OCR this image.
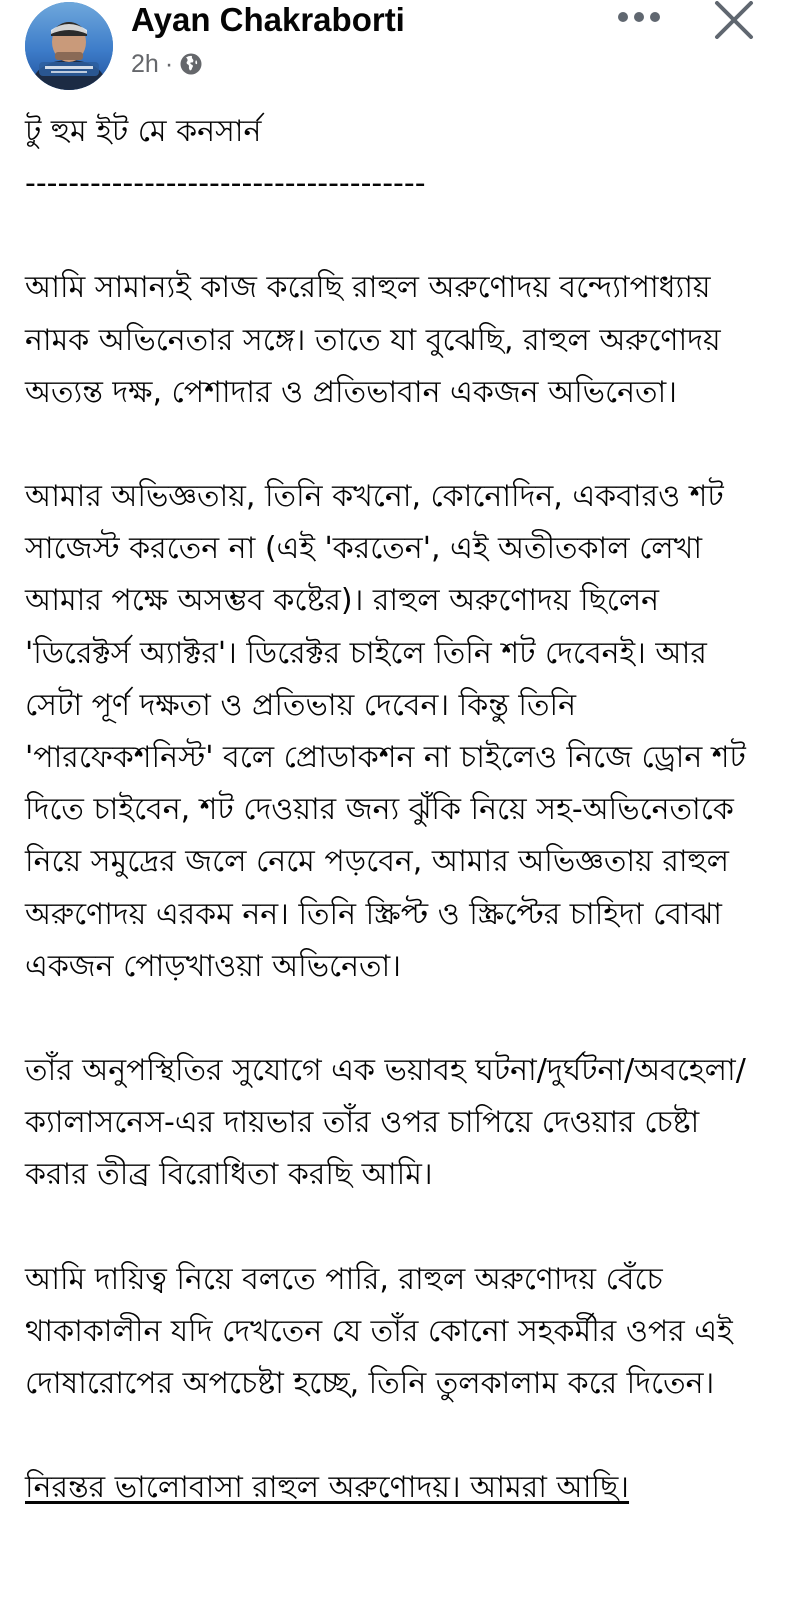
Ayan Chakraborti
2h ·

টু হুম ইট মে কনসার্ন

-------------------------------------

আমি সামান্যই কাজ করেছি রাহুল অরুণোদয় বন্দ্যোপাধ্যায় নামক অভিনেতার সঙ্গে। তাতে যা বুঝেছি, রাহুল অরুণোদয় অত্যন্ত দক্ষ, পেশাদার ও প্রতিভাবান একজন অভিনেতা।

আমার অভিজ্ঞতায়, তিনি কখনো, কোনোদিন, একবারও শট সাজেস্ট করতেন না (এই 'করতেন', এই অতীতকাল লেখা আমার পক্ষে অসম্ভব কষ্টের)। রাহুল অরুণোদয় ছিলেন 'ডিরেক্টর্স অ্যাক্টর'। ডিরেক্টর চাইলে তিনি শট দেবেনই। আর সেটা পূর্ণ দক্ষতা ও প্রতিভায় দেবেন। কিন্তু তিনি 'পারফেকশনিস্ট' বলে প্রোডাকশন না চাইলেও নিজে ড্রোন শট দিতে চাইবেন, শট দেওয়ার জন্য ঝুঁকি নিয়ে সহ-অভিনেতাকে নিয়ে সমুদ্রের জলে নেমে পড়বেন, আমার অভিজ্ঞতায় রাহুল অরুণোদয় এরকম নন। তিনি স্ক্রিপ্ট ও স্ক্রিপ্টের চাহিদা বোঝা একজন পোড়খাওয়া অভিনেতা।

তাঁর অনুপস্থিতির সুযোগে এক ভয়াবহ ঘটনা/দুর্ঘটনা/অবহেলা/ক্যালাসনেস-এর দায়ভার তাঁর ওপর চাপিয়ে দেওয়ার চেষ্টা করার তীব্র বিরোধিতা করছি আমি।

আমি দায়িত্ব নিয়ে বলতে পারি, রাহুল অরুণোদয় বেঁচে থাকাকালীন যদি দেখতেন যে তাঁর কোনো সহকর্মীর ওপর এই দোষারোপের অপচেষ্টা হচ্ছে, তিনি তুলকালাম করে দিতেন।

নিরন্তর ভালোবাসা রাহুল অরুণোদয়। আমরা আছি।
